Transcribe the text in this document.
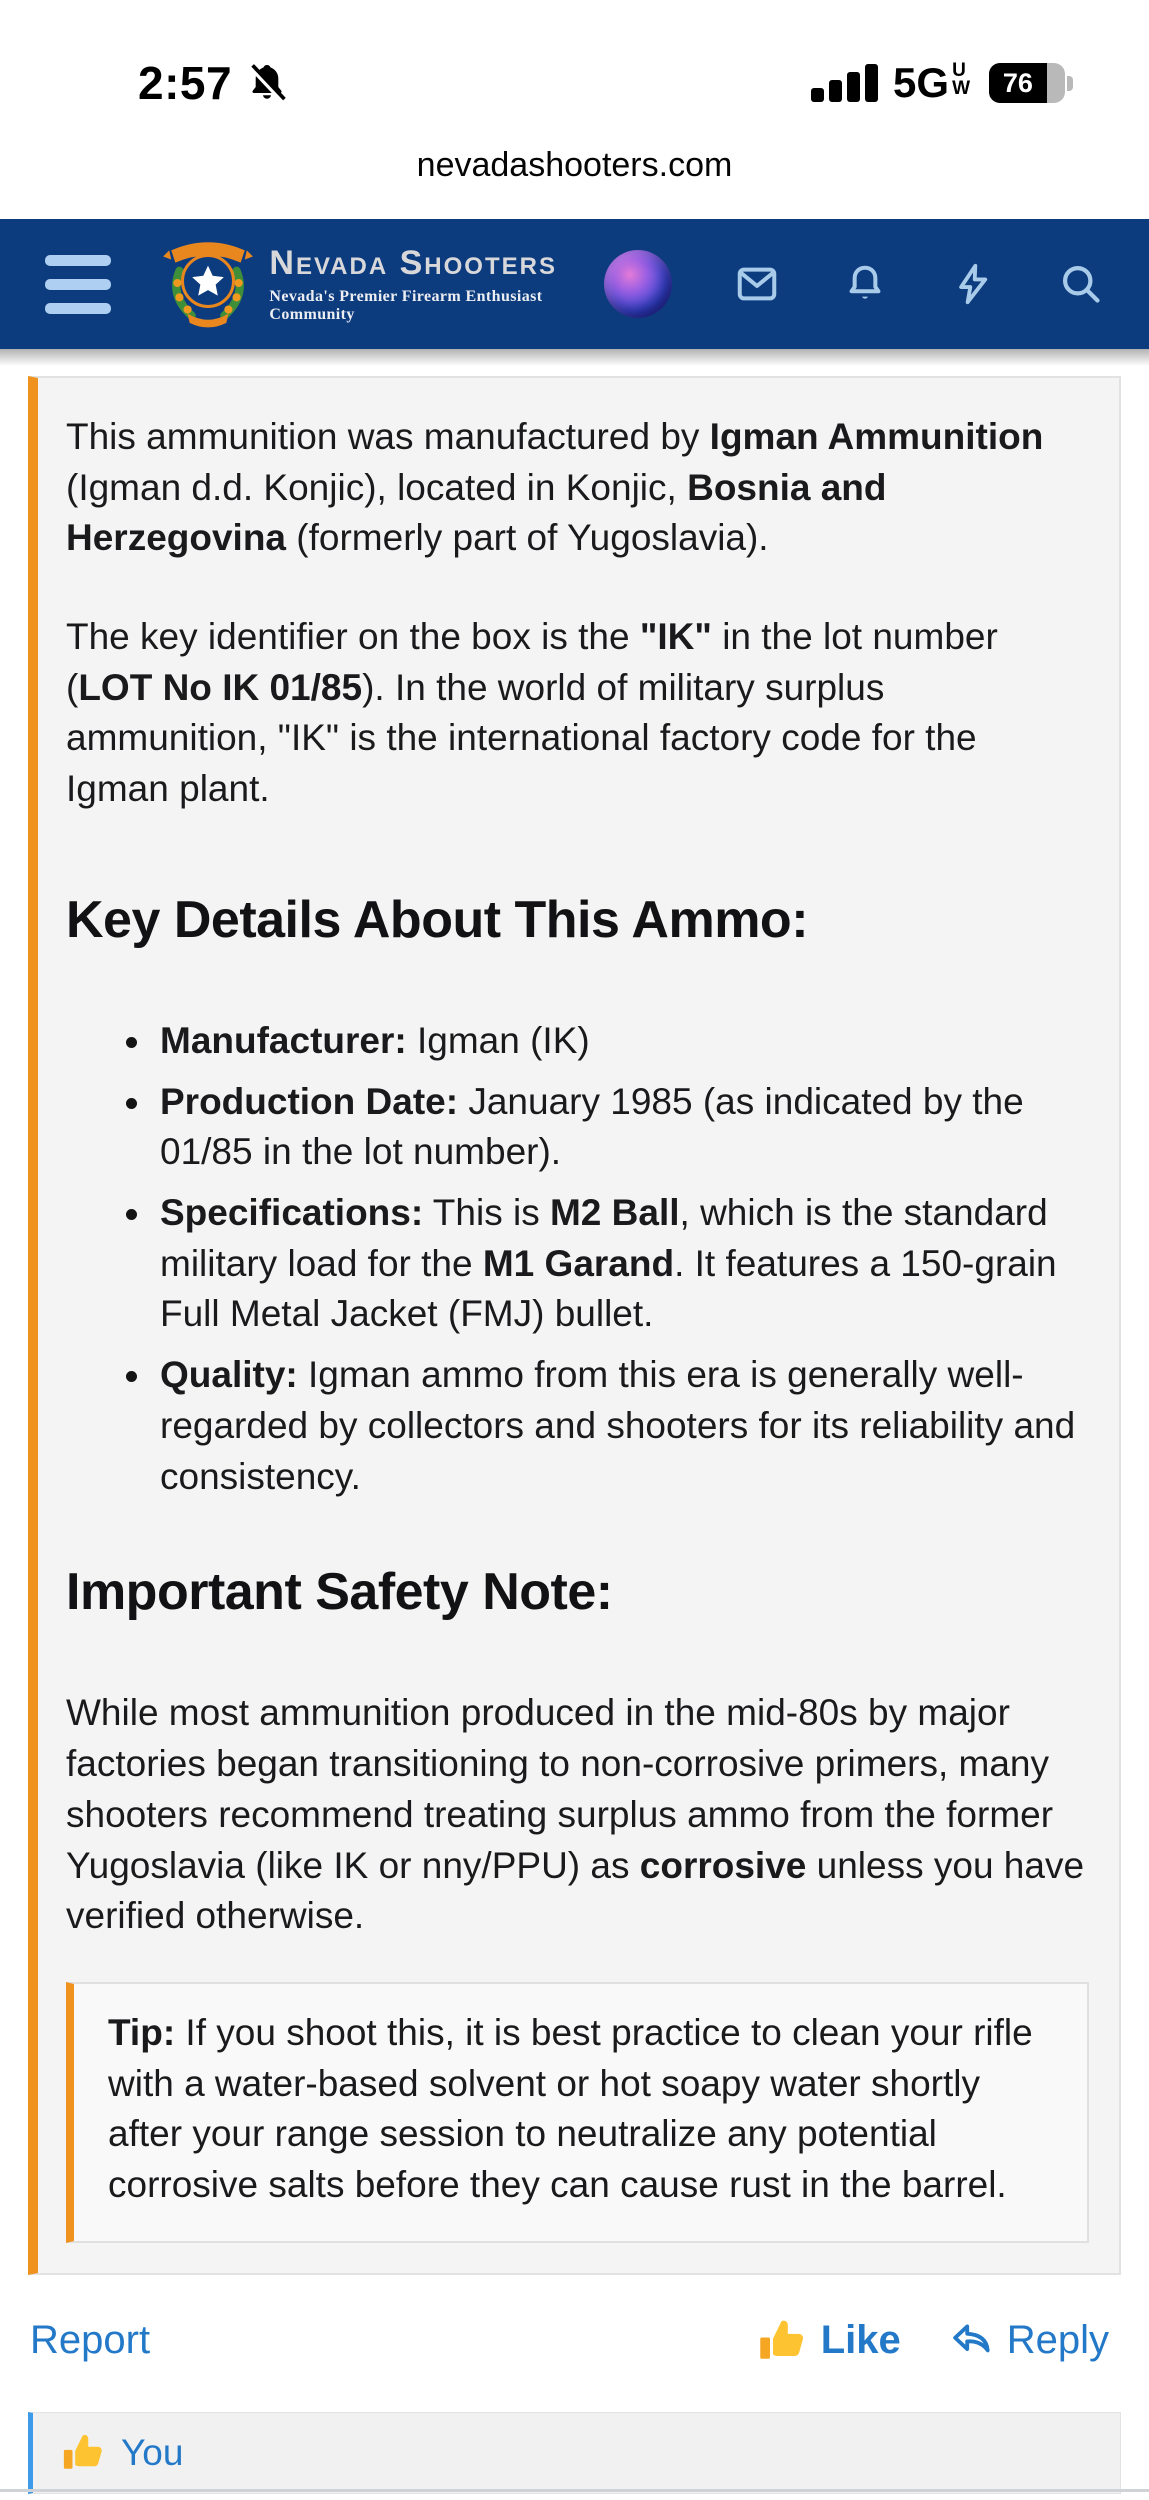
2:57	5G U
W	76
nevadashooters.com
Nevada Shooters
Nevada's Premier Firearm Enthusiast Community

This ammunition was manufactured by Igman Ammunition (Igman d.d. Konjic), located in Konjic, Bosnia and Herzegovina (formerly part of Yugoslavia).

The key identifier on the box is the "IK" in the lot number (LOT No IK 01/85). In the world of military surplus ammunition, "IK" is the international factory code for the Igman plant.

Key Details About This Ammo:
Manufacturer: Igman (IK)
Production Date: January 1985 (as indicated by the 01/85 in the lot number).
Specifications: This is M2 Ball, which is the standard military load for the M1 Garand. It features a 150-grain Full Metal Jacket (FMJ) bullet.
Quality: Igman ammo from this era is generally well-regarded by collectors and shooters for its reliability and consistency.
Important Safety Note:

While most ammunition produced in the mid-80s by major factories began transitioning to non-corrosive primers, many shooters recommend treating surplus ammo from the former Yugoslavia (like IK or nny/PPU) as corrosive unless you have verified otherwise.

Tip: If you shoot this, it is best practice to clean your rifle with a water-based solvent or hot soapy water shortly after your range session to neutralize any potential corrosive salts before they can cause rust in the barrel.
Report	Like	Reply
You
